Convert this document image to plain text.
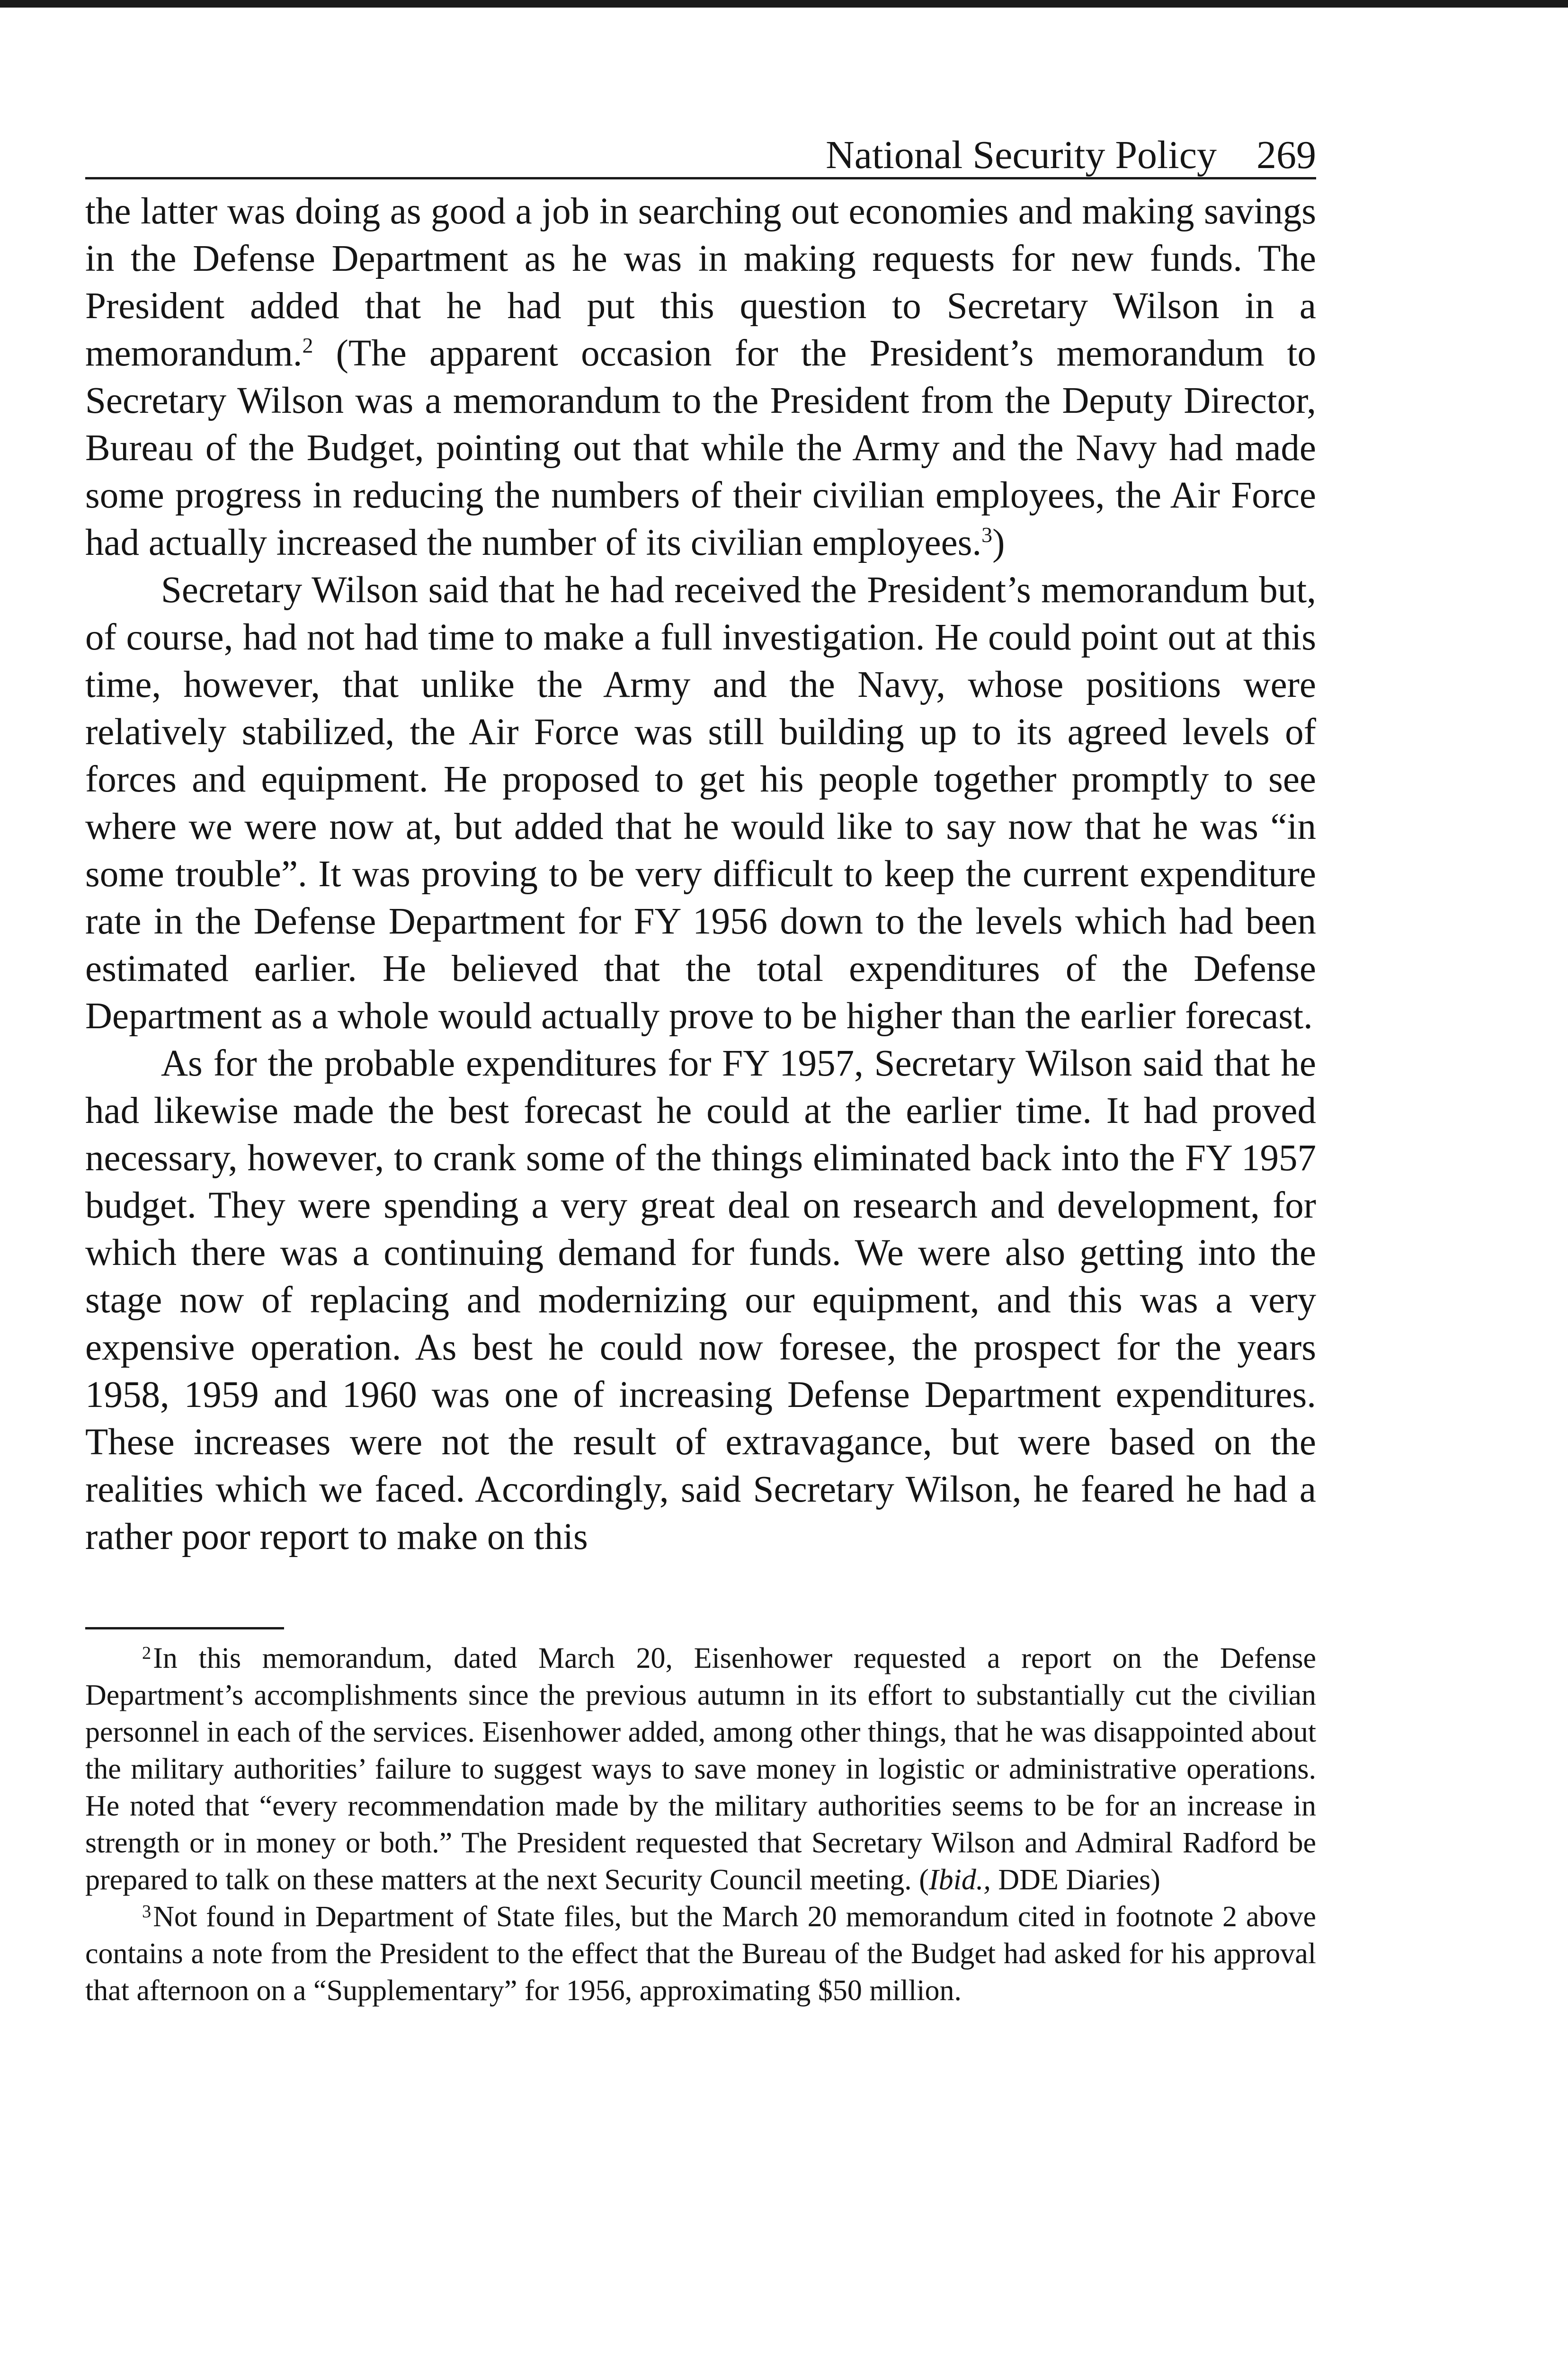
National Security Policy 269

the latter was doing as good a job in searching out economies and making savings in the Defense Department as he was in making requests for new funds. The President added that he had put this question to Secretary Wilson in a memorandum.$^2$ (The apparent occasion for the President’s memorandum to Secretary Wilson was a memorandum to the President from the Deputy Director, Bureau of the Budget, pointing out that while the Army and the Navy had made some progress in reducing the numbers of their civilian employees, the Air Force had actually increased the number of its civilian employees.$^3$)

Secretary Wilson said that he had received the President’s memorandum but, of course, had not had time to make a full investigation. He could point out at this time, however, that unlike the Army and the Navy, whose positions were relatively stabilized, the Air Force was still building up to its agreed levels of forces and equipment. He proposed to get his people together promptly to see where we were now at, but added that he would like to say now that he was “in some trouble”. It was proving to be very difficult to keep the current expenditure rate in the Defense Department for FY 1956 down to the levels which had been estimated earlier. He believed that the total expenditures of the Defense Department as a whole would actually prove to be higher than the earlier forecast.

As for the probable expenditures for FY 1957, Secretary Wilson said that he had likewise made the best forecast he could at the earlier time. It had proved necessary, however, to crank some of the things eliminated back into the FY 1957 budget. They were spending a very great deal on research and development, for which there was a continuing demand for funds. We were also getting into the stage now of replacing and modernizing our equipment, and this was a very expensive operation. As best he could now foresee, the prospect for the years 1958, 1959 and 1960 was one of increasing Defense Department expenditures. These increases were not the result of extravagance, but were based on the realities which we faced. Accordingly, said Secretary Wilson, he feared he had a rather poor report to make on this

$^2$In this memorandum, dated March 20, Eisenhower requested a report on the Defense Department’s accomplishments since the previous autumn in its effort to substantially cut the civilian personnel in each of the services. Eisenhower added, among other things, that he was disappointed about the military authorities’ failure to suggest ways to save money in logistic or administrative operations. He noted that “every recommendation made by the military authorities seems to be for an increase in strength or in money or both.” The President requested that Secretary Wilson and Admiral Radford be prepared to talk on these matters at the next Security Council meeting. (Ibid., DDE Diaries)

$^3$Not found in Department of State files, but the March 20 memorandum cited in footnote 2 above contains a note from the President to the effect that the Bureau of the Budget had asked for his approval that afternoon on a “Supplementary” for 1956, approximating $50 million.
